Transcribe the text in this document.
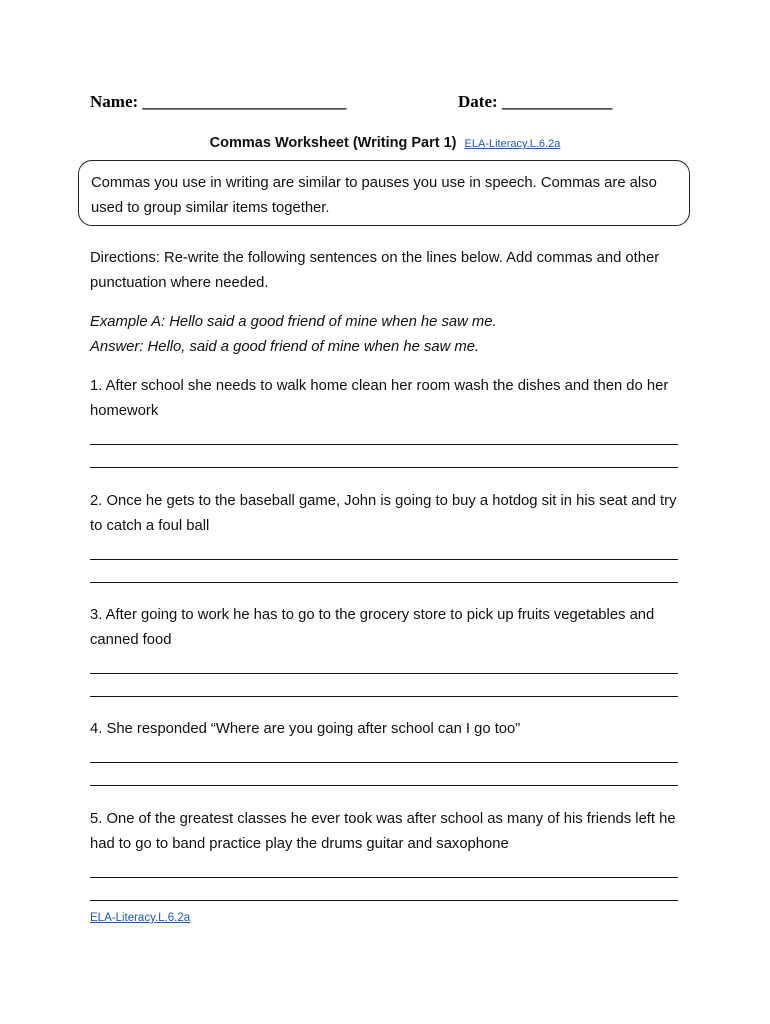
Name: ________________________	Date: _____________
Commas Worksheet (Writing Part 1) ELA-Literacy.L.6.2a
Commas you use in writing are similar to pauses you use in speech. Commas are also used to group similar items together.
Directions: Re-write the following sentences on the lines below. Add commas and other punctuation where needed.
Example A: Hello said a good friend of mine when he saw me.
Answer: Hello, said a good friend of mine when he saw me.
1. After school she needs to walk home clean her room wash the dishes and then do her homework
2. Once he gets to the baseball game, John is going to buy a hotdog sit in his seat and try to catch a foul ball
3. After going to work he has to go to the grocery store to pick up fruits vegetables and canned food
4. She responded “Where are you going after school can I go too”
5. One of the greatest classes he ever took was after school as many of his friends left he had to go to band practice play the drums guitar and saxophone
ELA-Literacy.L.6.2a
